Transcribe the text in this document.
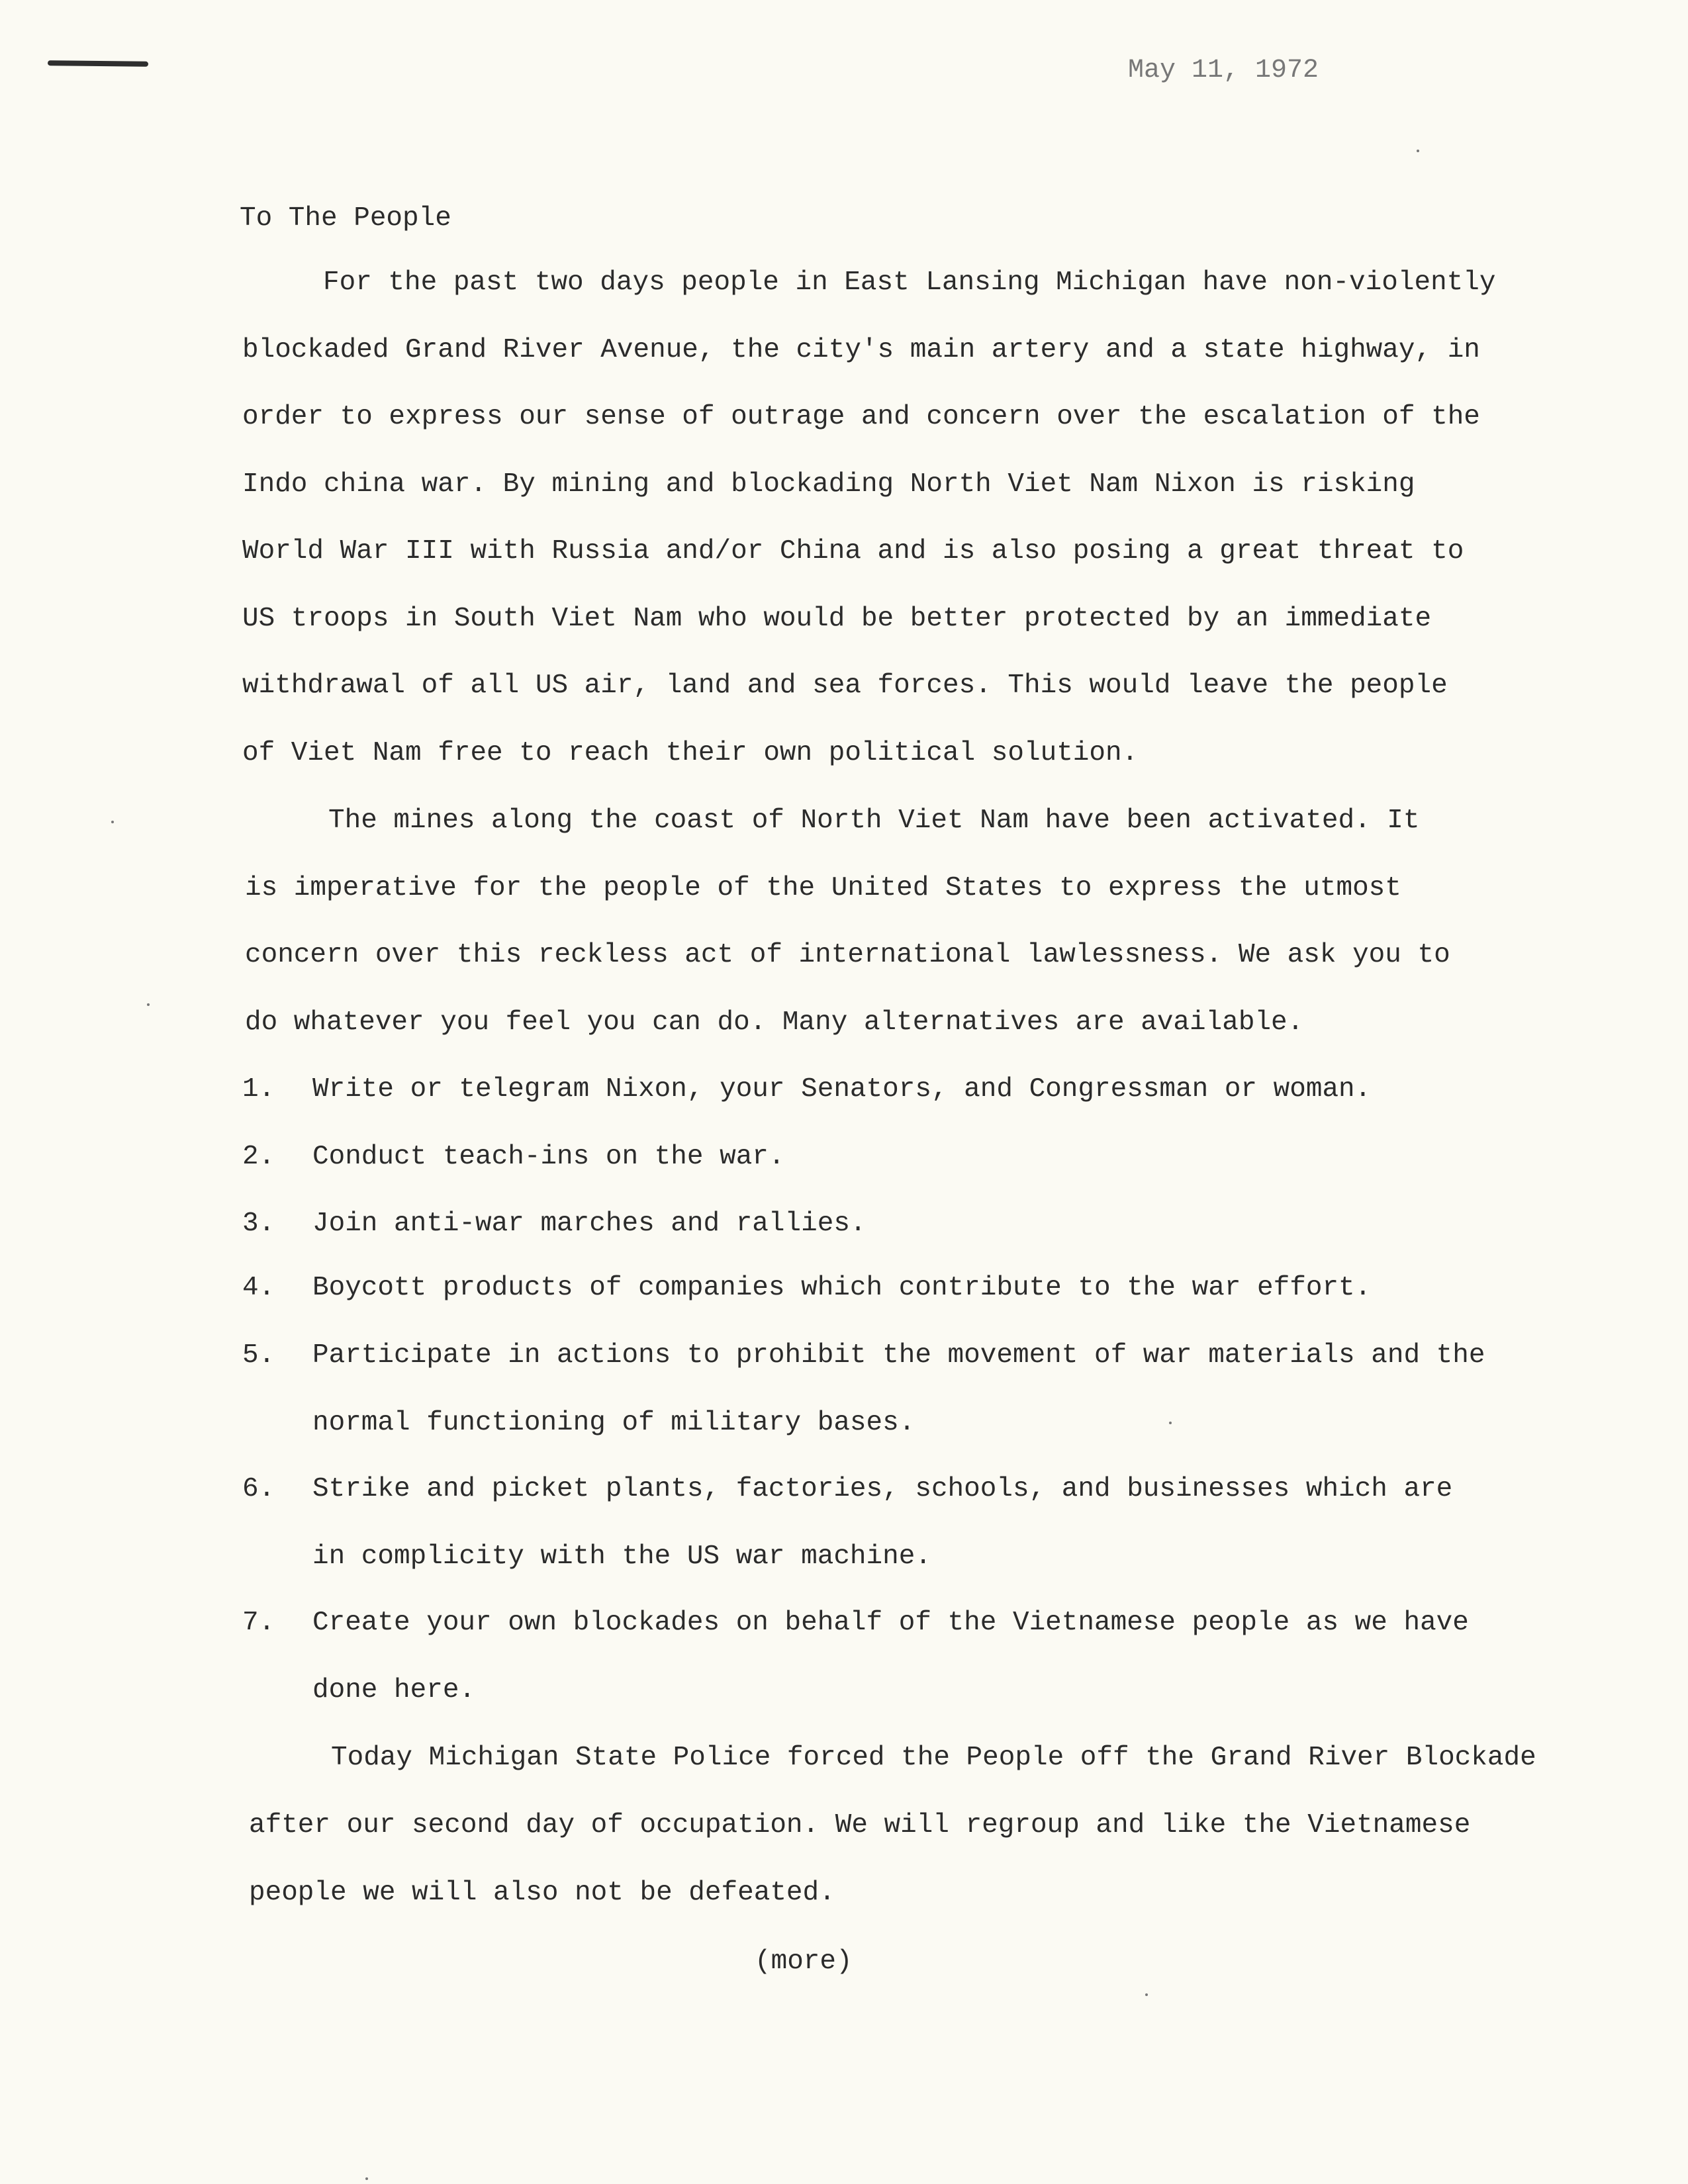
May 11, 1972
To The People
For the past two days people in East Lansing Michigan have non-violently
blockaded Grand River Avenue, the city's main artery and a state highway, in
order to express our sense of outrage and concern over the escalation of the
Indo china war. By mining and blockading North Viet Nam Nixon is risking
World War III with Russia and/or China and is also posing a great threat to
US troops in South Viet Nam who would be better protected by an immediate
withdrawal of all US air, land and sea forces. This would leave the people
of Viet Nam free to reach their own political solution.
The mines along the coast of North Viet Nam have been activated. It
is imperative for the people of the United States to express the utmost
concern over this reckless act of international lawlessness. We ask you to
do whatever you feel you can do. Many alternatives are available.
1. Write or telegram Nixon, your Senators, and Congressman or woman.
2. Conduct teach-ins on the war.
3. Join anti-war marches and rallies.
4. Boycott products of companies which contribute to the war effort.
5. Participate in actions to prohibit the movement of war materials and the
normal functioning of military bases.
6. Strike and picket plants, factories, schools, and businesses which are
in complicity with the US war machine.
7. Create your own blockades on behalf of the Vietnamese people as we have
done here.
Today Michigan State Police forced the People off the Grand River Blockade
after our second day of occupation. We will regroup and like the Vietnamese
people we will also not be defeated.
(more)
